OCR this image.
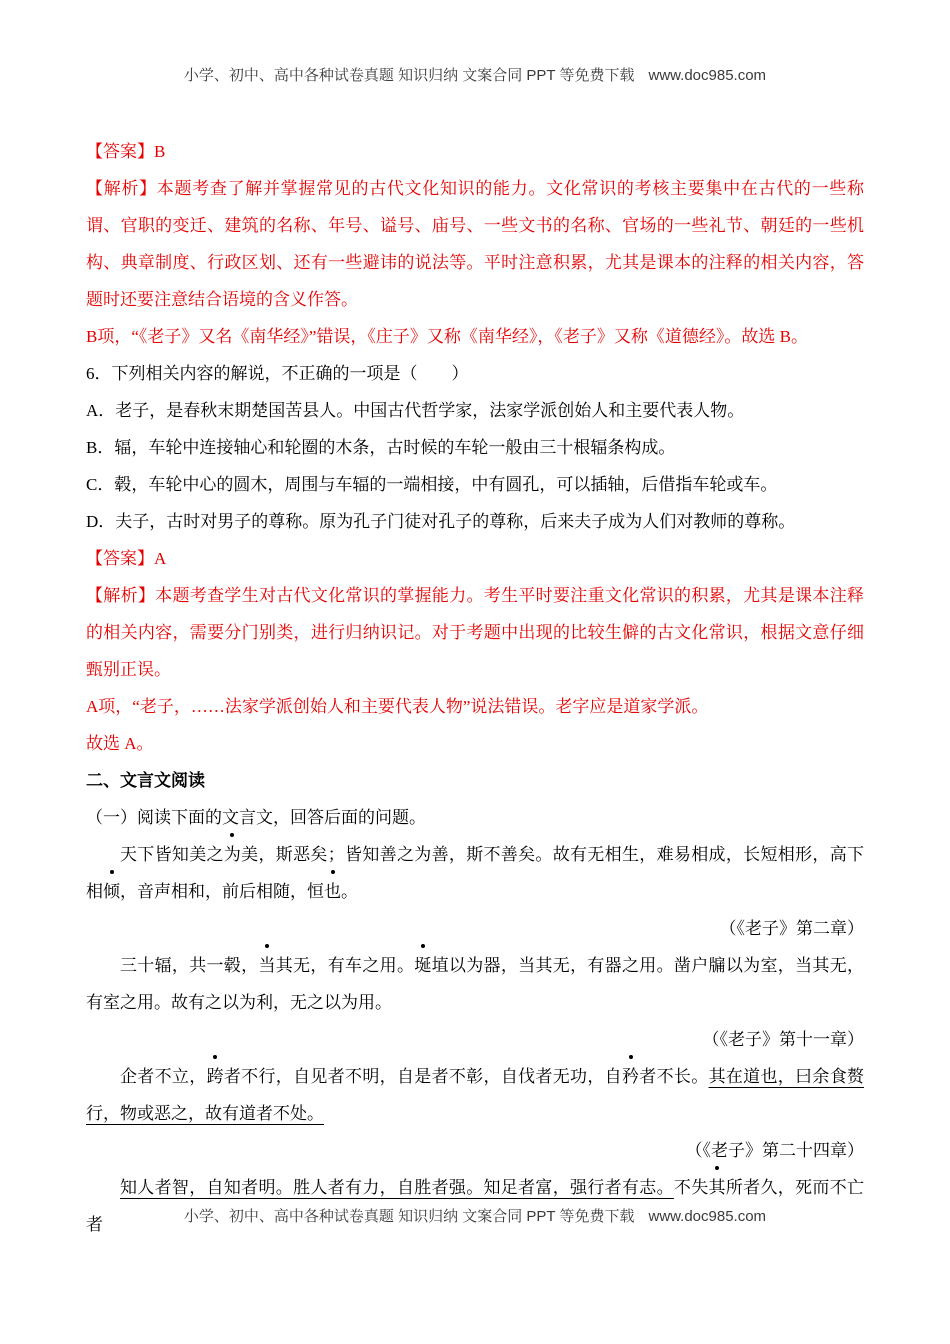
小学、初中、高中各种试卷真题 知识归纳 文案合同 PPT 等免费下载 www.doc985.com

【答案】B

【解析】本题考查了解并掌握常见的古代文化知识的能力。文化常识的考核主要集中在古代的一些称谓、官职的变迁、建筑的名称、年号、谥号、庙号、一些文书的名称、官场的一些礼节、朝廷的一些机构、典章制度、行政区划、还有一些避讳的说法等。平时注意积累，尤其是课本的注释的相关内容，答题时还要注意结合语境的含义作答。

B项，“《老子》又名《南华经》”错误，《庄子》又称《南华经》，《老子》又称《道德经》。故选 B。

6．下列相关内容的解说，不正确的一项是（　　）

A．老子，是春秋末期楚国苦县人。中国古代哲学家，法家学派创始人和主要代表人物。

B．辐，车轮中连接轴心和轮圈的木条，古时候的车轮一般由三十根辐条构成。

C．毂，车轮中心的圆木，周围与车辐的一端相接，中有圆孔，可以插轴，后借指车轮或车。

D．夫子，古时对男子的尊称。原为孔子门徒对孔子的尊称，后来夫子成为人们对教师的尊称。

【答案】A

【解析】本题考查学生对古代文化常识的掌握能力。考生平时要注重文化常识的积累，尤其是课本注释的相关内容，需要分门别类，进行归纳识记。对于考题中出现的比较生僻的古文化常识，根据文意仔细甄别正误。

A项，“老子，……法家学派创始人和主要代表人物”说法错误。老字应是道家学派。

故选 A。

二、文言文阅读

（一）阅读下面的文言文，回答后面的问题。

天下皆知美之为美，斯恶矣；皆知善之为善，斯不善矣。故有无相生，难易相成，长短相形，高下相倾，音声相和，前后相随，恒也。

（《老子》第二章）

三十辐，共一毂，当其无，有车之用。埏埴以为器，当其无，有器之用。凿户牖以为室，当其无，有室之用。故有之以为利，无之以为用。

（《老子》第十一章）

企者不立，跨者不行，自见者不明，自是者不彰，自伐者无功，自矜者不长。其在道也，曰余食赘行，物或恶之，故有道者不处。

（《老子》第二十四章）

知人者智，自知者明。胜人者有力，自胜者强。知足者富，强行者有志。不失其所者久，死而不亡者	小学、初中、高中各种试卷真题 知识归纳 文案合同 PPT 等免费下载 www.doc985.com
